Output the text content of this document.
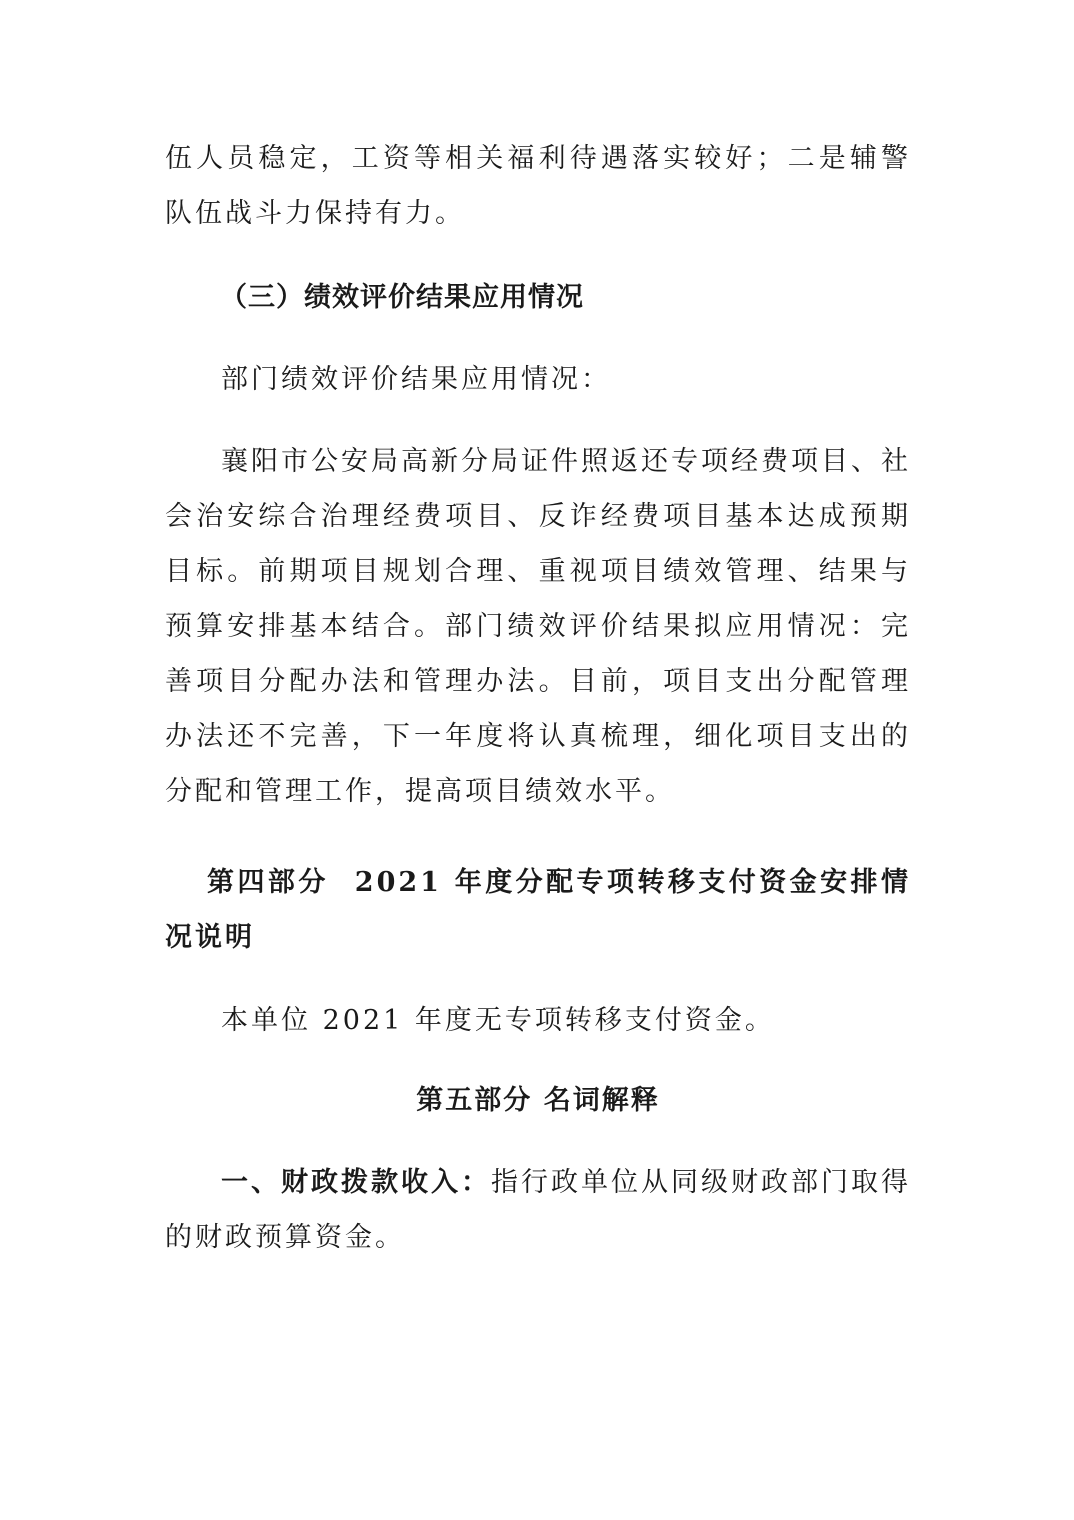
伍人员稳定，工资等相关福利待遇落实较好；二是辅警队伍战斗力保持有力。

（三）绩效评价结果应用情况

部门绩效评价结果应用情况：

襄阳市公安局高新分局证件照返还专项经费项目、社会治安综合治理经费项目、反诈经费项目基本达成预期目标。前期项目规划合理、重视项目绩效管理、结果与预算安排基本结合。部门绩效评价结果拟应用情况：完善项目分配办法和管理办法。目前，项目支出分配管理办法还不完善，下一年度将认真梳理，细化项目支出的分配和管理工作，提高项目绩效水平。

第四部分 2021 年度分配专项转移支付资金安排情况说明

本单位 2021 年度无专项转移支付资金。

第五部分 名词解释

一、财政拨款收入：指行政单位从同级财政部门取得的财政预算资金。
